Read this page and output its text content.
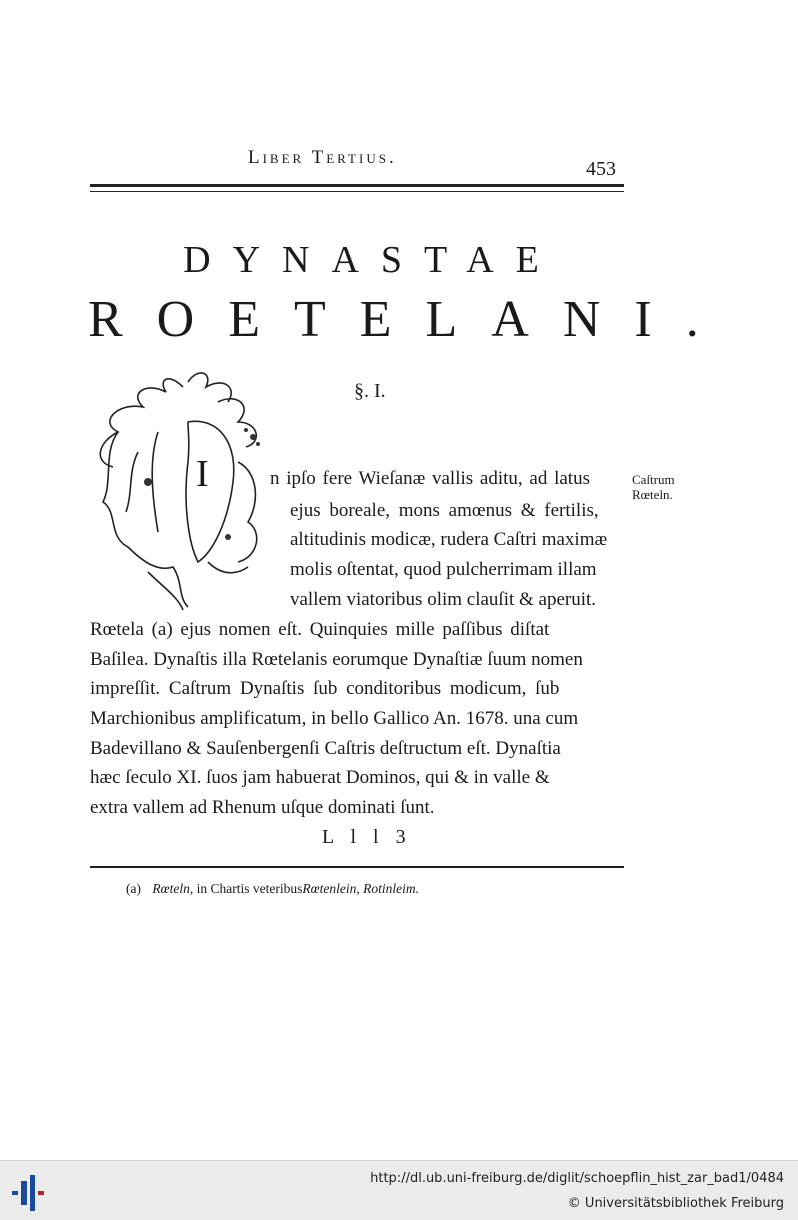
Liber Tertius.
453
DYNASTAE
ROETELANI.
§. I.
I	n ipſo fere Wieſanæ vallis aditu, ad latus
ejus boreale, mons amœnus & fertilis,
altitudinis modicæ, rudera Caſtri maximæ
molis oſtentat, quod pulcherrimam illam
vallem viatoribus olim clauſit & aperuit.
Rœtela (a) ejus nomen eſt. Quinquies mille paſſibus diſtat
Baſilea. Dynaſtis illa Rœtelanis eorumque Dynaſtiæ ſuum nomen
impreſſit. Caſtrum Dynaſtis ſub conditoribus modicum, ſub
Marchionibus amplificatum, in bello Gallico An. 1678. una cum
Badevillano & Sauſenbergenſi Caſtris deſtructum eſt. Dynaſtia
hæc ſeculo XI. ſuos jam habuerat Dominos, qui & in valle &
extra vallem ad Rhenum uſque dominati ſunt.
Caſtrum
Rœteln.
L l l 3
(a) Rœteln, in Chartis veteribusRœtenlein, Rotinleim.
http://dl.ub.uni-freiburg.de/diglit/schoepflin_hist_zar_bad1/0484
© Universitätsbibliothek Freiburg
